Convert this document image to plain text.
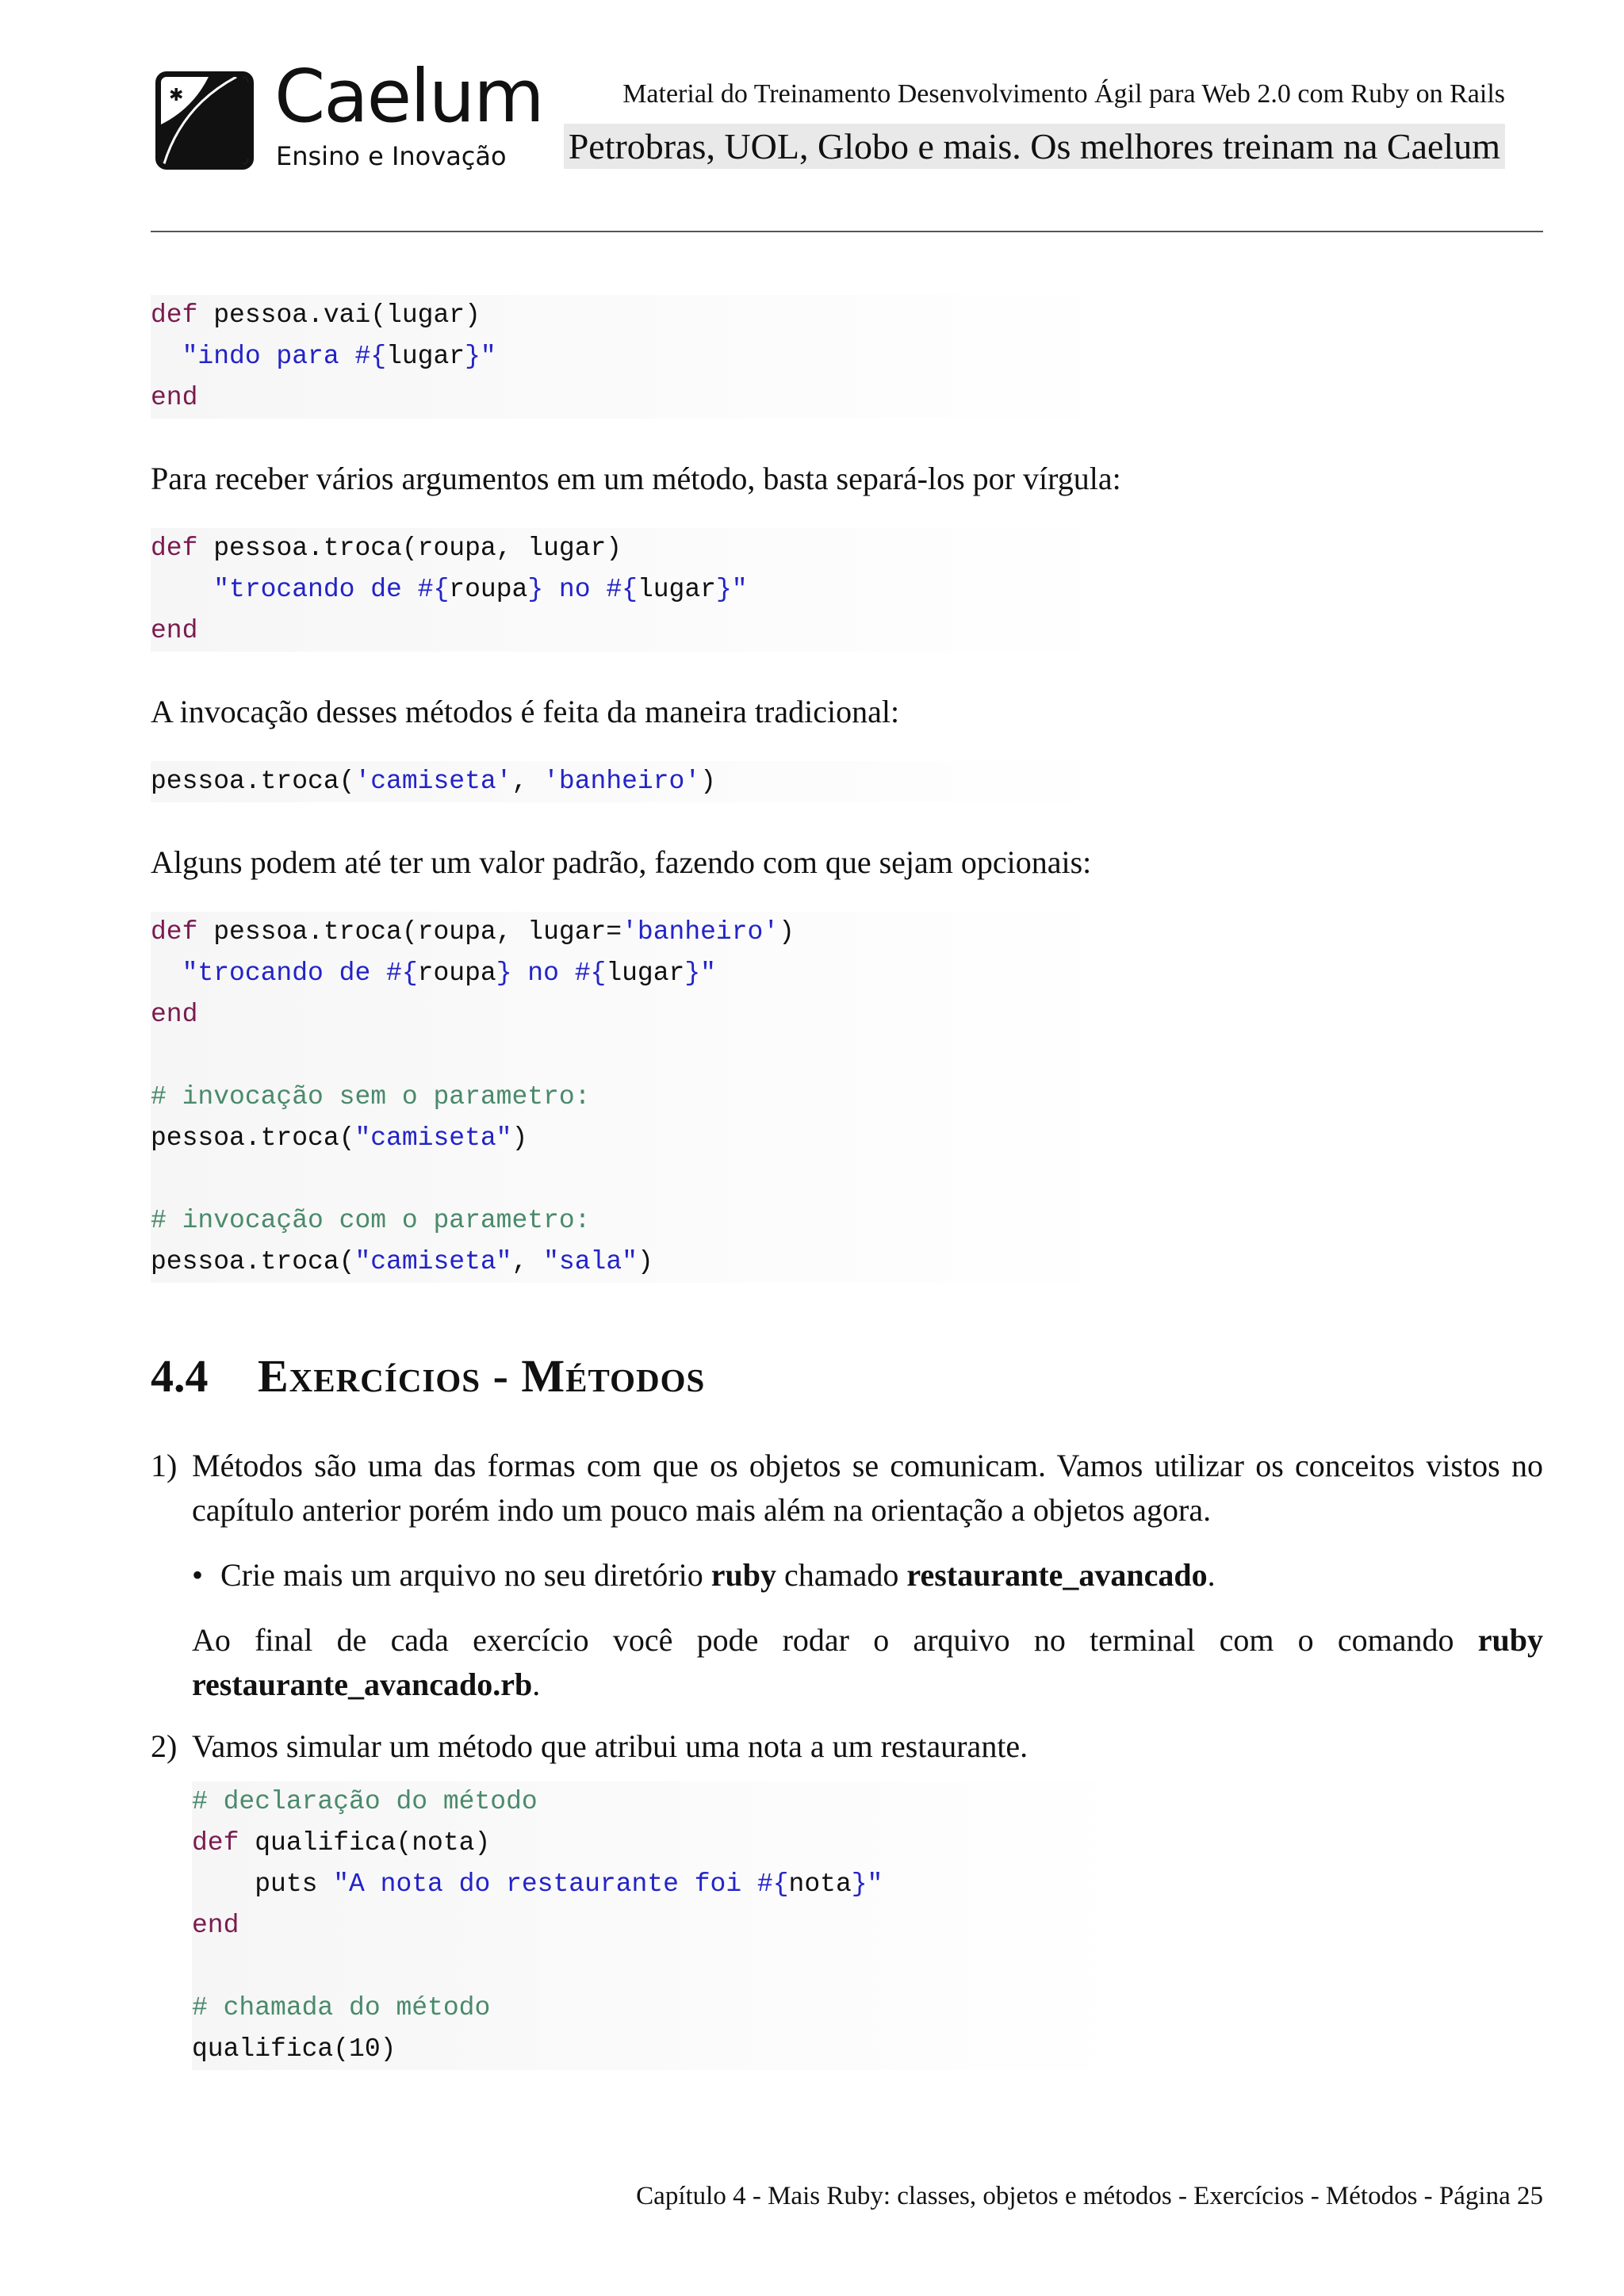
✱ Caelum
Ensino e Inovação
Material do Treinamento Desenvolvimento Ágil para Web 2.0 com Ruby on Rails
Petrobras, UOL, Globo e mais. Os melhores treinam na Caelum
def pessoa.vai(lugar)
"indo para #{lugar}"
end

Para receber vários argumentos em um método, basta separá-los por vírgula:

def pessoa.troca(roupa, lugar)
"trocando de #{roupa} no #{lugar}"
end

A invocação desses métodos é feita da maneira tradicional:

pessoa.troca('camiseta', 'banheiro')

Alguns podem até ter um valor padrão, fazendo com que sejam opcionais:

def pessoa.troca(roupa, lugar='banheiro')
"trocando de #{roupa} no #{lugar}"
end

# invocação sem o parametro:
pessoa.troca("camiseta")

# invocação com o parametro:
pessoa.troca("camiseta", "sala")
4.4 Exercícios - Métodos
1) Métodos são uma das formas com que os objetos se comunicam. Vamos utilizar os conceitos vistos no capítulo anterior porém indo um pouco mais além na orientação a objetos agora.
• Crie mais um arquivo no seu diretório ruby chamado restaurante_avancado.
Ao final de cada exercício você pode rodar o arquivo no terminal com o comando ruby restaurante_avancado.rb.
2) Vamos simular um método que atribui uma nota a um restaurante.
# declaração do método
def qualifica(nota)
puts "A nota do restaurante foi #{nota}"
end

# chamada do método
qualifica(10)
Capítulo 4 - Mais Ruby: classes, objetos e métodos - Exercícios - Métodos - Página 25
